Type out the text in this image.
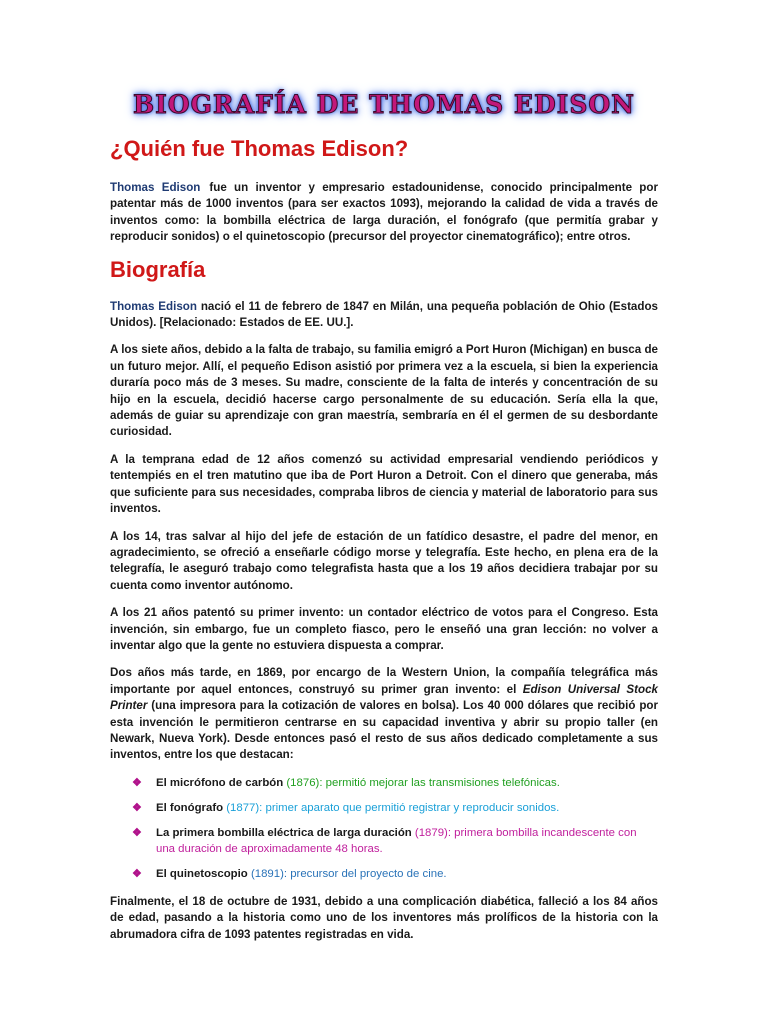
BIOGRAFÍA DE THOMAS EDISON
¿Quién fue Thomas Edison?

Thomas Edison fue un inventor y empresario estadounidense, conocido principalmente por patentar más de 1000 inventos (para ser exactos 1093), mejorando la calidad de vida a través de inventos como: la bombilla eléctrica de larga duración, el fonógrafo (que permitía grabar y reproducir sonidos) o el quinetoscopio (precursor del proyector cinematográfico); entre otros.

Biografía

Thomas Edison nació el 11 de febrero de 1847 en Milán, una pequeña población de Ohio (Estados Unidos). [Relacionado: Estados de EE. UU.].

A los siete años, debido a la falta de trabajo, su familia emigró a Port Huron (Michigan) en busca de un futuro mejor. Allí, el pequeño Edison asistió por primera vez a la escuela, si bien la experiencia duraría poco más de 3 meses. Su madre, consciente de la falta de interés y concentración de su hijo en la escuela, decidió hacerse cargo personalmente de su educación. Sería ella la que, además de guiar su aprendizaje con gran maestría, sembraría en él el germen de su desbordante curiosidad.

A la temprana edad de 12 años comenzó su actividad empresarial vendiendo periódicos y tentempiés en el tren matutino que iba de Port Huron a Detroit. Con el dinero que generaba, más que suficiente para sus necesidades, compraba libros de ciencia y material de laboratorio para sus inventos.

A los 14, tras salvar al hijo del jefe de estación de un fatídico desastre, el padre del menor, en agradecimiento, se ofreció a enseñarle código morse y telegrafía. Este hecho, en plena era de la telegrafía, le aseguró trabajo como telegrafista hasta que a los 19 años decidiera trabajar por su cuenta como inventor autónomo.

A los 21 años patentó su primer invento: un contador eléctrico de votos para el Congreso. Esta invención, sin embargo, fue un completo fiasco, pero le enseñó una gran lección: no volver a inventar algo que la gente no estuviera dispuesta a comprar.

Dos años más tarde, en 1869, por encargo de la Western Union, la compañía telegráfica más importante por aquel entonces, construyó su primer gran invento: el Edison Universal Stock Printer (una impresora para la cotización de valores en bolsa). Los 40 000 dólares que recibió por esta invención le permitieron centrarse en su capacidad inventiva y abrir su propio taller (en Newark, Nueva York). Desde entonces pasó el resto de sus años dedicado completamente a sus inventos, entre los que destacan:

❖ El micrófono de carbón (1876): permitió mejorar las transmisiones telefónicas.
❖ El fonógrafo (1877): primer aparato que permitió registrar y reproducir sonidos.
❖ La primera bombilla eléctrica de larga duración (1879): primera bombilla incandescente con una duración de aproximadamente 48 horas.
❖ El quinetoscopio (1891): precursor del proyecto de cine.

Finalmente, el 18 de octubre de 1931, debido a una complicación diabética, falleció a los 84 años de edad, pasando a la historia como uno de los inventores más prolíficos de la historia con la abrumadora cifra de 1093 patentes registradas en vida.
